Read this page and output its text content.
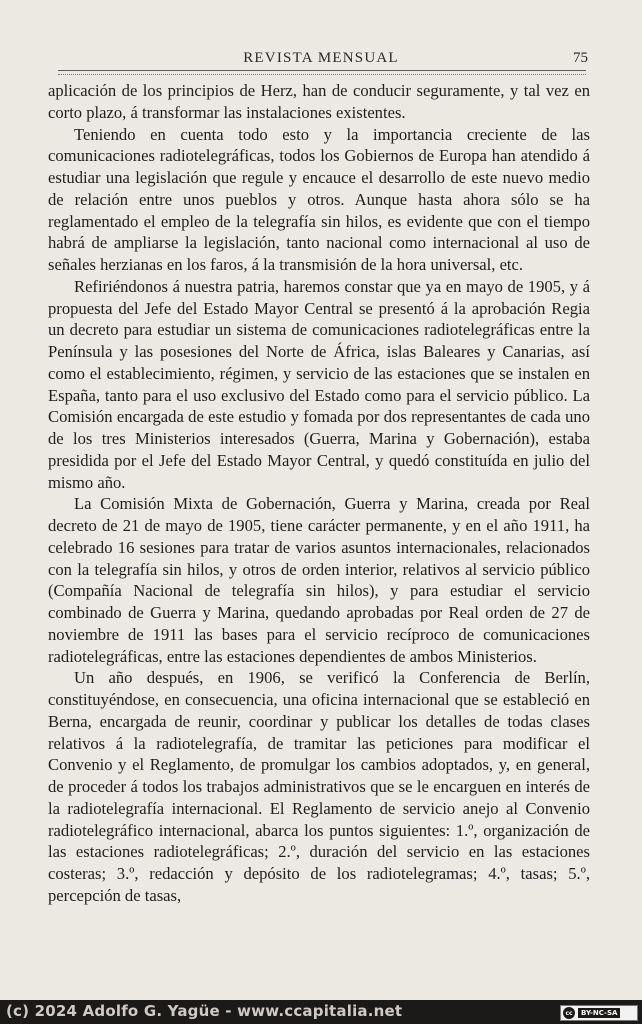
REVISTA MENSUAL	75

aplicación de los principios de Herz, han de conducir seguramente, y tal vez en corto plazo, á transformar las instalaciones existentes.

Teniendo en cuenta todo esto y la importancia creciente de las comunicaciones radiotelegráficas, todos los Gobiernos de Europa han atendido á estudiar una legislación que regule y encauce el desarrollo de este nuevo medio de relación entre unos pueblos y otros. Aunque hasta ahora sólo se ha reglamentado el empleo de la telegrafía sin hilos, es evidente que con el tiempo habrá de ampliarse la legislación, tanto nacional como internacional al uso de señales herzianas en los faros, á la transmisión de la hora universal, etc.

Refiriéndonos á nuestra patria, haremos constar que ya en mayo de 1905, y á propuesta del Jefe del Estado Mayor Central se presentó á la aprobación Regia un decreto para estudiar un sistema de comunicaciones radiotelegráficas entre la Península y las posesiones del Norte de África, islas Baleares y Canarias, así como el establecimiento, régimen, y servicio de las estaciones que se instalen en España, tanto para el uso exclusivo del Estado como para el servicio público. La Comisión encargada de este estudio y fomada por dos representantes de cada uno de los tres Ministerios interesados (Guerra, Marina y Gobernación), estaba presidida por el Jefe del Estado Mayor Central, y quedó constituída en julio del mismo año.

La Comisión Mixta de Gobernación, Guerra y Marina, creada por Real decreto de 21 de mayo de 1905, tiene carácter permanente, y en el año 1911, ha celebrado 16 sesiones para tratar de varios asuntos internacionales, relacionados con la telegrafía sin hilos, y otros de orden interior, relativos al servicio público (Compañía Nacional de telegrafía sin hilos), y para estudiar el servicio combinado de Guerra y Marina, quedando aprobadas por Real orden de 27 de noviembre de 1911 las bases para el servicio recíproco de comunicaciones radiotelegráficas, entre las estaciones dependientes de ambos Ministerios.

Un año después, en 1906, se verificó la Conferencia de Berlín, constituyéndose, en consecuencia, una oficina internacional que se estableció en Berna, encargada de reunir, coordinar y publicar los detalles de todas clases relativos á la radiotelegrafía, de tramitar las peticiones para modificar el Convenio y el Reglamento, de promulgar los cambios adoptados, y, en general, de proceder á todos los trabajos administrativos que se le encarguen en interés de la radiotelegrafía internacional. El Reglamento de servicio anejo al Convenio radiotelegráfico internacional, abarca los puntos siguientes: 1.º, organización de las estaciones radiotelegráficas; 2.º, duración del servicio en las estaciones costeras; 3.º, redacción y depósito de los radiotelegramas; 4.º, tasas; 5.º, percepción de tasas,

(c) 2024 Adolfo G. Yagüe - www.ccapitalia.net	cc	BY-NC-SA
